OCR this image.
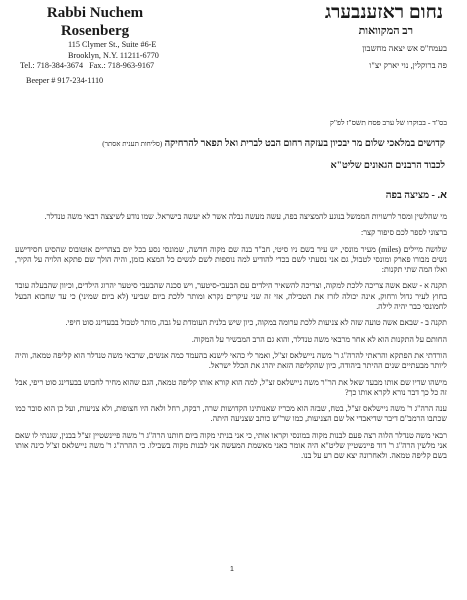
Rabbi Nuchem Rosenberg
115 Clymer St., Suite #6-E
Brooklyn, N.Y. 11211-6770
Tel.: 718-384-3674 Fax.: 718-963-9167
Beeper # 917-234-1110
נחום ראזענבערג
רב המקוואות
בעמח"ס אש יצאה מחשבון
פה ברוקלין, נוי יארק יצ"ו
בס"ד - בבוקרו של ערב פסח תשס"ז לפ"ק
קדושים במלאכי שלום מר יבכיון בעזקה רחום הבט לברית ואל תפאר להרחיקה (סליחות תענית אסתר)
לכבוד הרבנים הגאונים שליט"א
א. - מציצה בפה

מי שהלשין ומסר לרשויות הממשל בנוגע להמציצה בפה, עשה מעשה נבלה אשר לא יעשה בישראל. שמו נודע לשיצצה רבאי משה טנדלר.

ברצוני לספר לכם סיפור קצר:

שלושה מיילים (miles) מעיר מונסי, יש עיר בשם ניו סיטי, חב"ד בנה שם מקוה חדשה, שמונסי נסע בכל יום בצהריים אוטובוס שהסיע חסידישע נשים מבורו פארק ומונסי לטבול, גם אני נסעתי לשם בכדי להודיע למה נוספות לשם לנשים כל המצא בזמן, והיה הולך שם פתקא הלויה על הקיר, ואלו המה שתי תקנות:

תקנה א - שאם אשה צריכה ללכת למקוה, וצריכה להשאיר הילדים עם הבעבי-סיטער, ויש סכנה שהבעבי סיטער יהרוג הילדים, וכיוון שהבעלה עובד בחוץ לעיר גדול ורחוק, אינה יכולה לזרז את הטבילה, אזי זה שני עיקרים נקרא ומותר ללכת ביום שביעי (לא ביום שמיני) כי עד שחבוא הבעל לחמונסי כבר יהיה לילה.

תקנה ב - שבאם אשה טועה שזה לא צניעות ללכת ערומה במקוה, כיון שיש בלנית העומדת על גבה, מותר לטבול בבעדינג סוט חיפי.

החותם על התקנות הוא לא אחר מרבאי משה טנדלר, והוא גם הרב המבשיר על המקוה.

הורדתי את הפתקא והראתי להרה"ג ר' משה ניישלאס זצ"ל, ואמר לי כהאי לישנא בהעמד כמה אנשים, שרבאי משה טנדלר הוא קליפה טמאה, והיה ליותר מבעתיים שנים ההיתר ביהודה, כיון שהקליפה הזאת יהרג את הכלל ישראל.

מישהו שדיו שם אותו מבעד שאל את הר"ר משה ניישלאס זצ"ל, למה הוא קורא אותו קליפה טמאה, הגם שהוא מחיר לחבוש בבעדינג סוט ריפי, אבל זה כל כך דבר נורא לקרא אותו כך?

ענה הרה"ג ר' משה ניישלאס זצ"ל, בטח, שבזה הוא מכריז שאנותינו הקדושות שרה, רבקה, רחל ולאה היו חצופות, ולא צניעות, ועל כן הוא סובר כמו שכתבו הרמב"ם דיבר שדיאבדי אל שם הצניעות, כמו שר"ש כותב שצניעה היתה.

רבאי משה טנדלר הלוה רצה פעם לבנות מקוה במונסי וקראו אותי, כי אני בניתי מקוה ביום חותנו הרה"ג ר' משה פיינשטיין זצ"ל בבנין, שגנתי לו שאם אני מלשין הרה"ג ר' דוד פיינשטיין שליט"א היה אומר כאני מאשמת המעשה אני לבנות מקוה בשבילו. כי ההרה"ג ר' משה ניישלאס זצ"ל כינה אותו בשם קליפה טמאה. ולאחרונה יצא שם רע על בנו.

1
